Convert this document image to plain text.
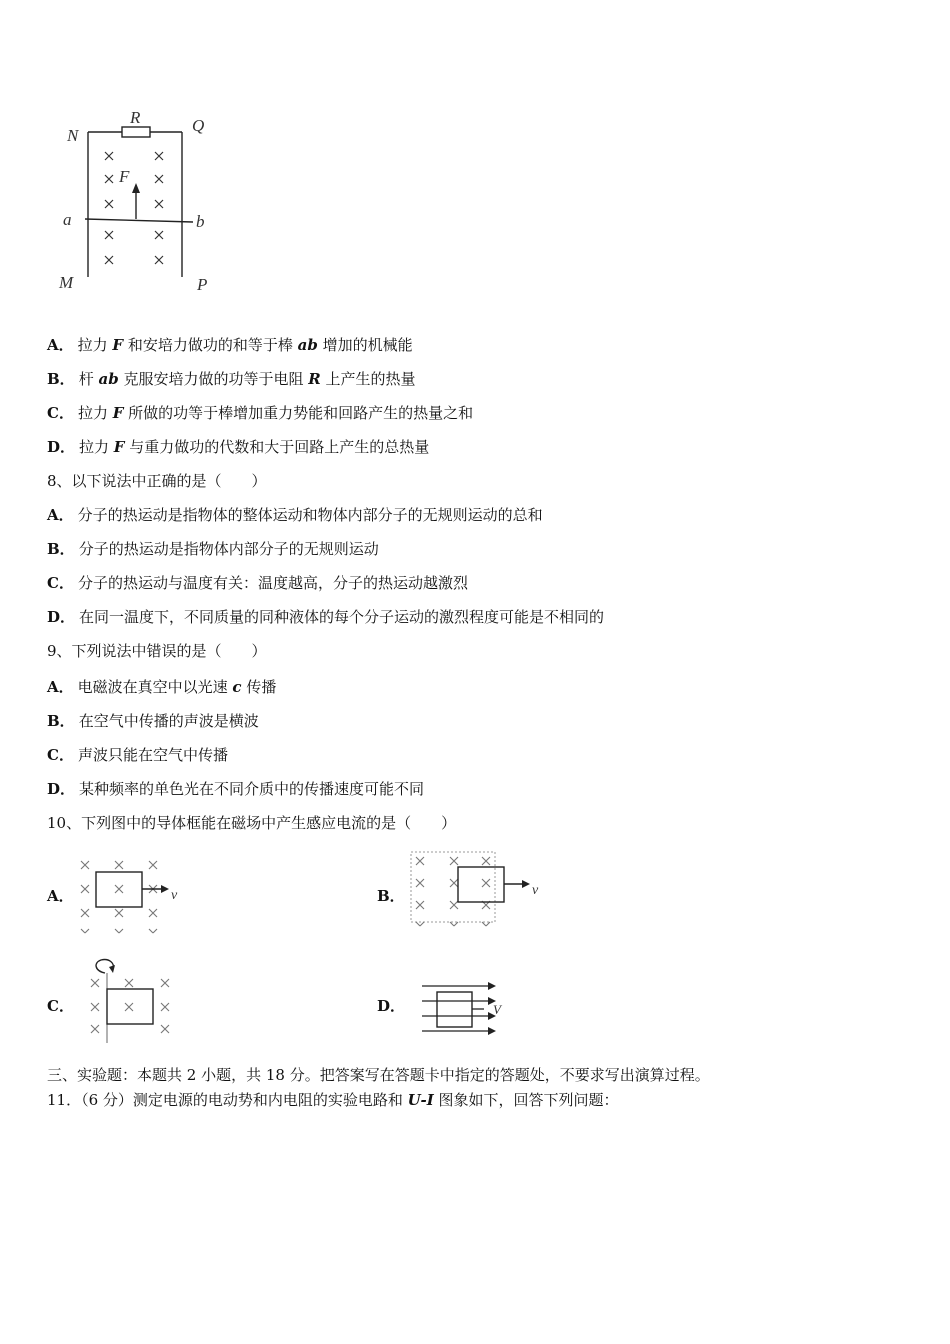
R
N
Q
F
a	b
M	P
A． 拉力 F 和安培力做功的和等于棒 ab 增加的机械能
B． 杆 ab 克服安培力做的功等于电阻 R 上产生的热量
C． 拉力 F 所做的功等于棒增加重力势能和回路产生的热量之和
D． 拉力 F 与重力做功的代数和大于回路上产生的总热量
8、以下说法中正确的是（　　）
A． 分子的热运动是指物体的整体运动和物体内部分子的无规则运动的总和
B． 分子的热运动是指物体内部分子的无规则运动
C． 分子的热运动与温度有关：温度越高，分子的热运动越激烈
D． 在同一温度下，不同质量的同种液体的每个分子运动的激烈程度可能是不相同的
9、下列说法中错误的是（　　）
A． 电磁波在真空中以光速 c 传播
B． 在空气中传播的声波是横波
C． 声波只能在空气中传播
D． 某种频率的单色光在不同介质中的传播速度可能不同
10、下列图中的导体框能在磁场中产生感应电流的是（　　）
A．	v	B．	v
C．	D．	V
三、实验题：本题共 2 小题，共 18 分。把答案写在答题卡中指定的答题处，不要求写出演算过程。
11．（6 分）测定电源的电动势和内电阻的实验电路和 U-I 图象如下，回答下列问题：
